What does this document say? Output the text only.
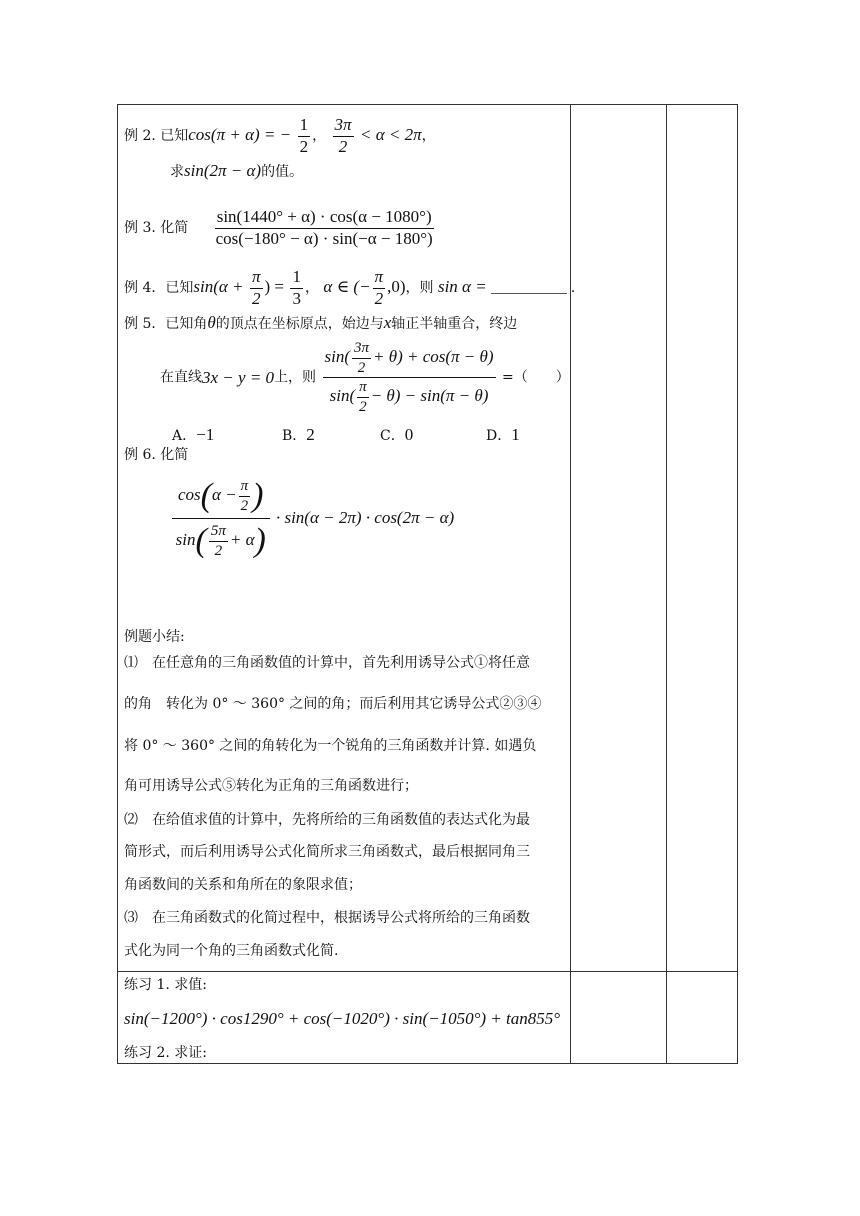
例 2. 已知cos(π + α) = − $\frac{1}{2}$ ， $\frac{3\pi}{2} < \alpha < 2\pi$，
求sin(2π − α)的值。
例 3. 化简 $\frac{\sin(1440^\circ + \alpha) \cdot \cos(\alpha - 1080^\circ)}{\cos(-180^\circ - \alpha) \cdot \sin(-\alpha - 180^\circ)}$
例 4．已知$\sin(\alpha + \frac{\pi}{2}$ ) = $\frac{1}{3}$ ， α ∈ (− $\frac{\pi}{2} ,0$)，则 sin α =	.
例 5．已知角θ的顶点在坐标原点，始边与x轴正半轴重合，终边
在直线3x − y = 0上，则 $\frac{\sin( \frac{3\pi}{2} + \theta) + \cos(\pi - \theta)}{\sin( \frac{\pi}{2} - \theta) - \sin(\pi - \theta)}$ =（　　）
A．−1	B．2	C．0	D．1
例 6. 化简
$\frac{\cos(\alpha - \frac{\pi}{2} )}{\sin( \frac{5\pi}{2} + \alpha)} \cdot \sin(\alpha - 2\pi) \cdot \cos(2\pi - \alpha)$
例题小结:
⑴　在任意角的三角函数值的计算中，首先利用诱导公式①将任意
的角　转化为 0° ～ 360° 之间的角；而后利用其它诱导公式②③④
将 0° ～ 360° 之间的角转化为一个锐角的三角函数并计算. 如遇负
角可用诱导公式⑤转化为正角的三角函数进行；
⑵　在给值求值的计算中，先将所给的三角函数值的表达式化为最
简形式，而后利用诱导公式化简所求三角函数式，最后根据同角三
角函数间的关系和角所在的象限求值；
⑶　在三角函数式的化简过程中，根据诱导公式将所给的三角函数
式化为同一个角的三角函数式化简.
练习 1. 求值:
sin(−1200°) · cos1290° + cos(−1020°) · sin(−1050°) + tan855°
练习 2. 求证:
